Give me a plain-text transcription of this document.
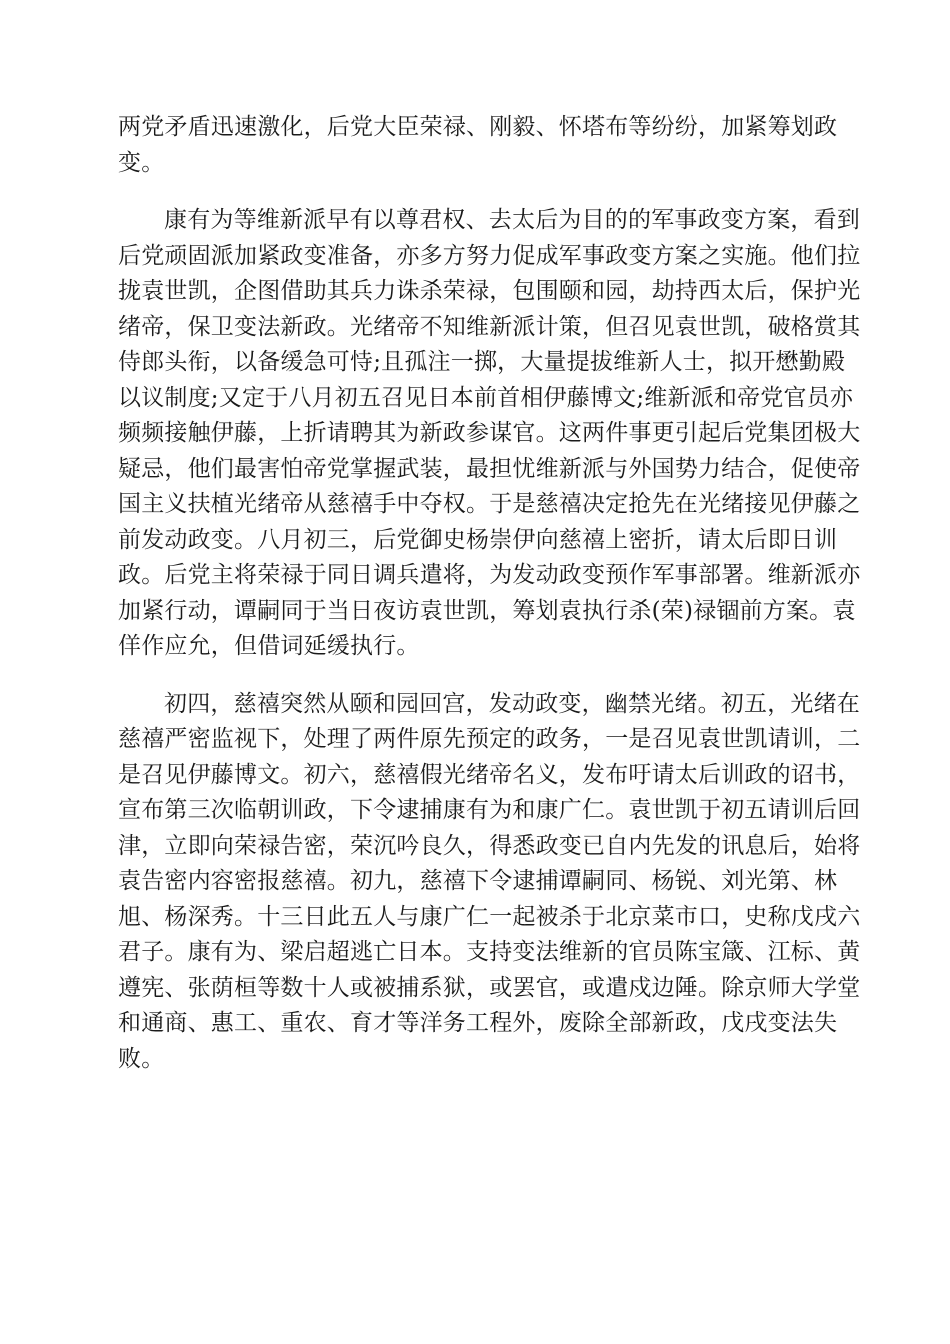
两党矛盾迅速激化，后党大臣荣禄、刚毅、怀塔布等纷纷，加紧筹划政
变。
康有为等维新派早有以尊君权、去太后为目的的军事政变方案，看到
后党顽固派加紧政变准备，亦多方努力促成军事政变方案之实施。他们拉
拢袁世凯，企图借助其兵力诛杀荣禄，包围颐和园，劫持西太后，保护光
绪帝，保卫变法新政。光绪帝不知维新派计策，但召见袁世凯，破格赏其
侍郎头衔，以备缓急可恃;且孤注一掷，大量提拔维新人士，拟开懋勤殿
以议制度;又定于八月初五召见日本前首相伊藤博文;维新派和帝党官员亦
频频接触伊藤，上折请聘其为新政参谋官。这两件事更引起后党集团极大
疑忌，他们最害怕帝党掌握武装，最担忧维新派与外国势力结合，促使帝
国主义扶植光绪帝从慈禧手中夺权。于是慈禧决定抢先在光绪接见伊藤之
前发动政变。八月初三，后党御史杨崇伊向慈禧上密折，请太后即日训
政。后党主将荣禄于同日调兵遣将，为发动政变预作军事部署。维新派亦
加紧行动，谭嗣同于当日夜访袁世凯，筹划袁执行杀(荣)禄锢前方案。袁
佯作应允，但借词延缓执行。
初四，慈禧突然从颐和园回宫，发动政变，幽禁光绪。初五，光绪在
慈禧严密监视下，处理了两件原先预定的政务，一是召见袁世凯请训，二
是召见伊藤博文。初六，慈禧假光绪帝名义，发布吁请太后训政的诏书，
宣布第三次临朝训政，下令逮捕康有为和康广仁。袁世凯于初五请训后回
津，立即向荣禄告密，荣沉吟良久，得悉政变已自内先发的讯息后，始将
袁告密内容密报慈禧。初九，慈禧下令逮捕谭嗣同、杨锐、刘光第、林
旭、杨深秀。十三日此五人与康广仁一起被杀于北京菜市口，史称戊戌六
君子。康有为、梁启超逃亡日本。支持变法维新的官员陈宝箴、江标、黄
遵宪、张荫桓等数十人或被捕系狱，或罢官，或遣戍边陲。除京师大学堂
和通商、惠工、重农、育才等洋务工程外，废除全部新政，戊戌变法失
败。
